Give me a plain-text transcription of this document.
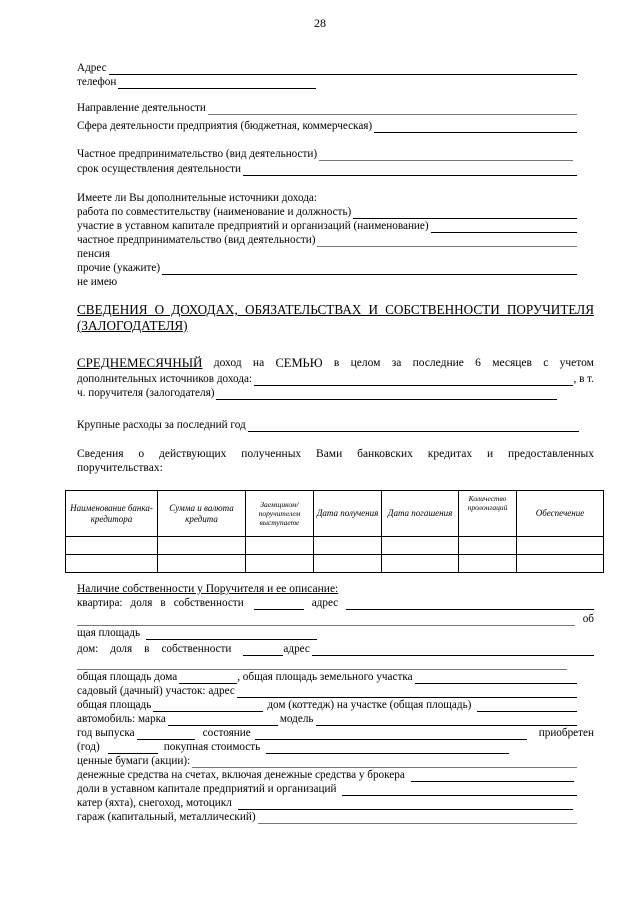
28
Адрес
телефон
Направление деятельности
Сфера деятельности предприятия (бюджетная, коммерческая)
Частное предпринимательство (вид деятельности)
срок осуществления деятельности
Имеете ли Вы дополнительные источники дохода:
работа по совместительству (наименование и должность)
участие в уставном капитале предприятий и организаций (наименование)
частное предпринимательство (вид деятельности)
пенсия
прочие (укажите)
не имею
СВЕДЕНИЯ О ДОХОДАХ, ОБЯЗАТЕЛЬСТВАХ И СОБСТВЕННОСТИ ПОРУЧИТЕЛЯ
(ЗАЛОГОДАТЕЛЯ)
СРЕДНЕМЕСЯЧНЫЙ доход на СЕМЬЮ в целом за последние 6 месяцев с учетом
дополнительных источников дохода:	, в т.
ч. поручителя (залогодателя)
Крупные расходы за последний год
Сведения о действующих полученных Вами банковских кредитах и предоставленных
поручительствах:
Наименование банка-кредитора	Сумма и валюта кредита	Заемщиком/ поручителем выступаете	Дата получения	Дата погашения	Количество пролонгаций	Обеспечение

Наличие собственности у Поручителя и ее описание:
квартира: доля в собственности	адрес
об
щая площадь
дом: доля в собственности	адрес
общая площадь дома	, общая площадь земельного участка
садовый (дачный) участок: адрес
общая площадь	дом (коттедж) на участке (общая площадь)
автомобиль: марка	модель
год выпуска	состояние	приобретен
(год)	покупная стоимость
ценные бумаги (акции):
денежные средства на счетах, включая денежные средства у брокера
доли в уставном капитале предприятий и организаций
катер (яхта), снегоход, мотоцикл
гараж (капитальный, металлический)
